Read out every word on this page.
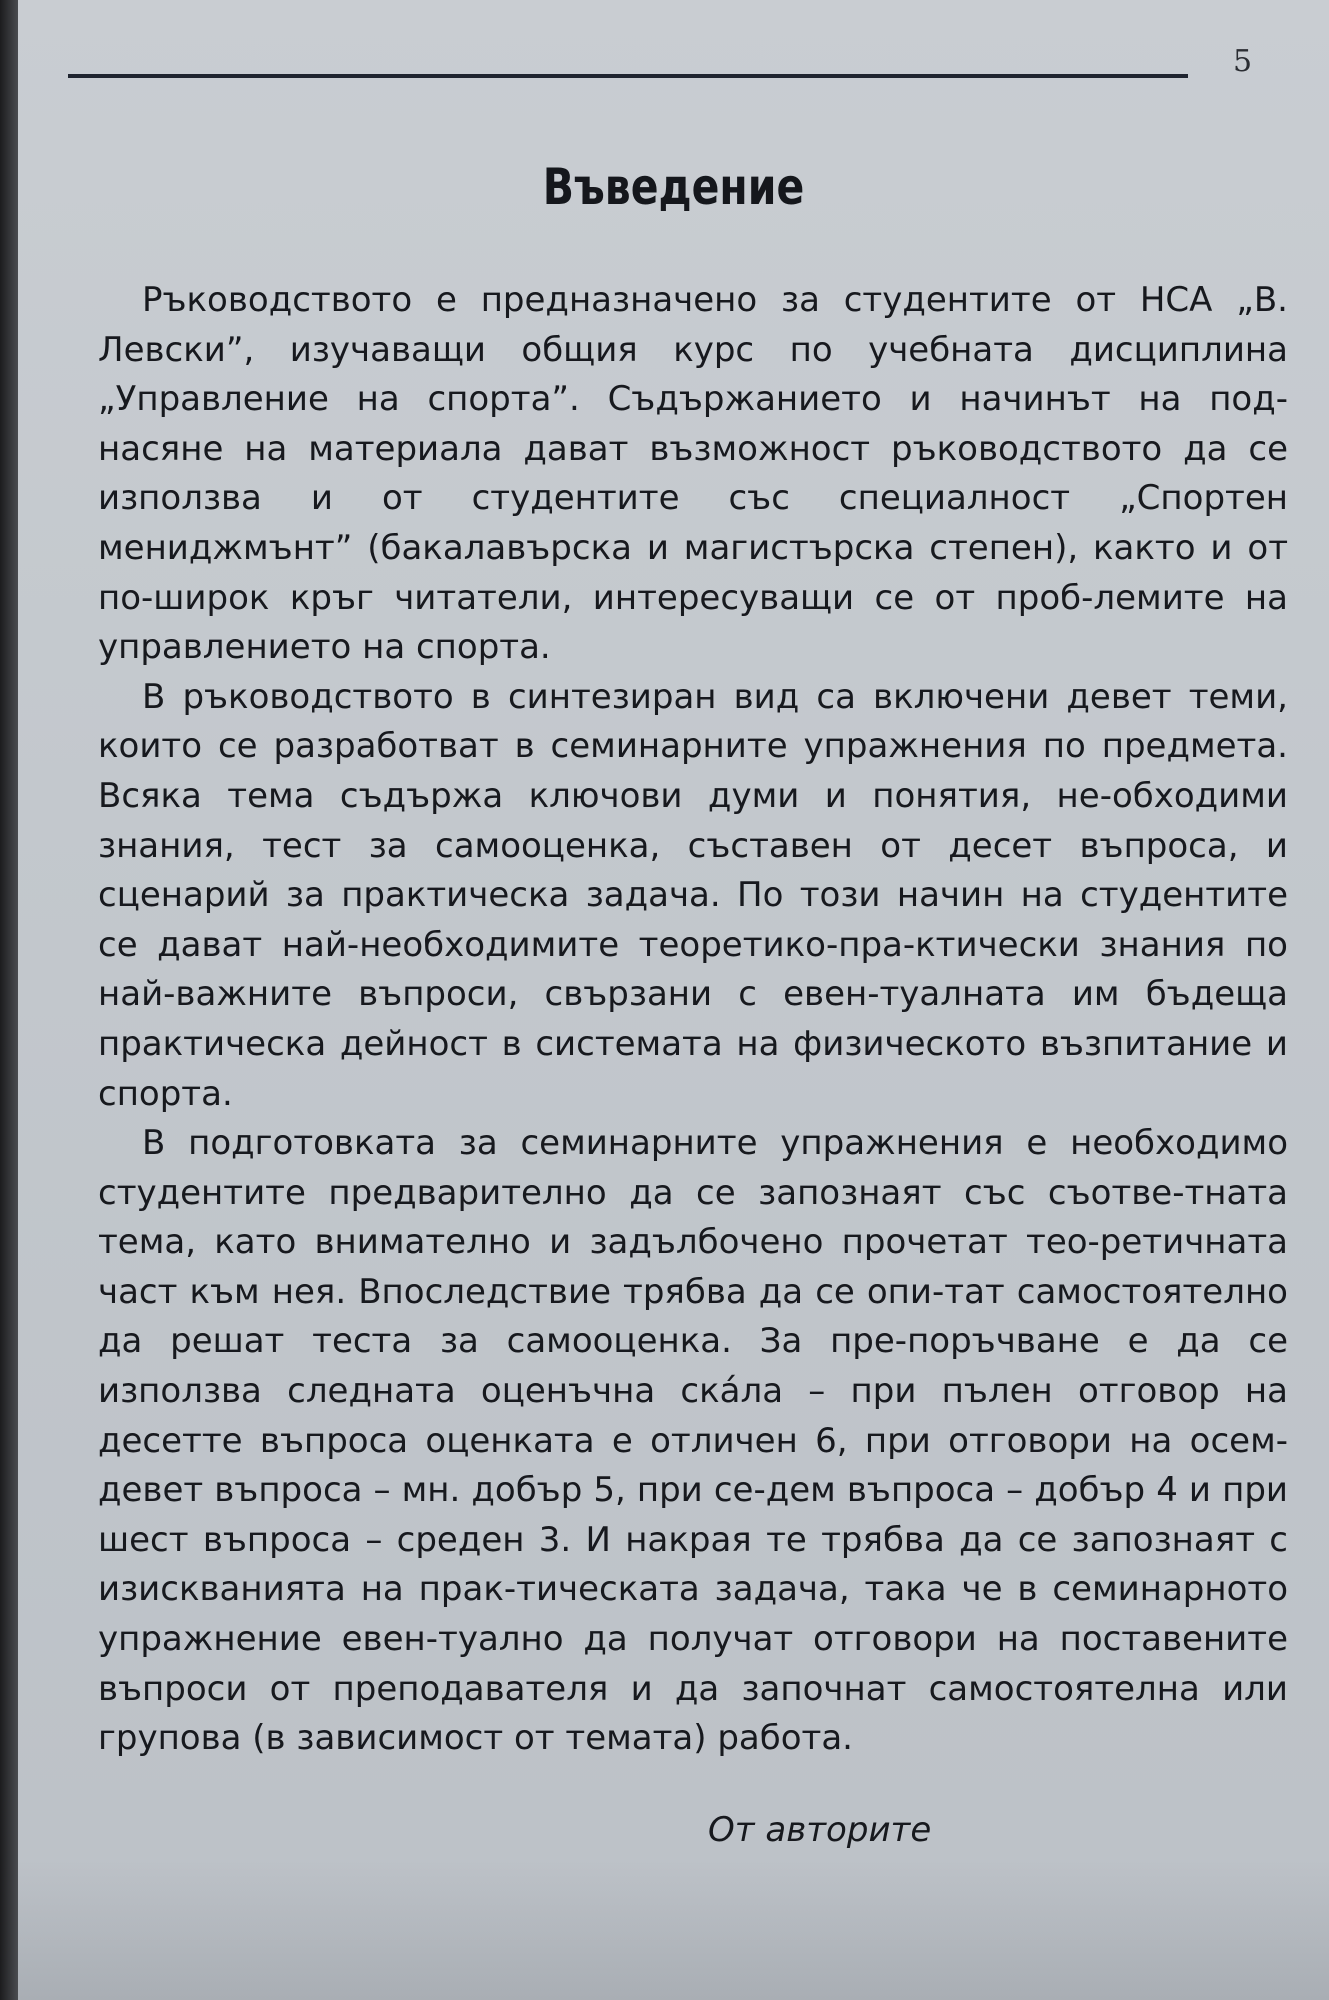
5
Въведение

Ръководството е предназначено за студентите от НСА „В. Левски”, изучаващи общия курс по учебната дисциплина „Управление на спорта”. Съдържанието и начинът на под-насяне на материала дават възможност ръководството да се използва и от студентите със специалност „Спортен мениджмънт” (бакалавърска и магистърска степен), както и от по-широк кръг читатели, интересуващи се от проб-лемите на управлението на спорта.

В ръководството в синтезиран вид са включени девет теми, които се разработват в семинарните упражнения по предмета. Всяка тема съдържа ключови думи и понятия, не-обходими знания, тест за самооценка, съставен от десет въпроса, и сценарий за практическа задача. По този начин на студентите се дават най-необходимите теоретико-пра-ктически знания по най-важните въпроси, свързани с евен-туалната им бъдеща практическа дейност в системата на физическото възпитание и спорта.

В подготовката за семинарните упражнения е необходимо студентите предварително да се запознаят със съотве-тната тема, като внимателно и задълбочено прочетат тео-ретичната част към нея. Впоследствие трябва да се опи-тат самостоятелно да решат теста за самооценка. За пре-поръчване е да се използва следната оценъчна ска́ла – при пълен отговор на десетте въпроса оценката е отличен 6, при отговори на осем-девет въпроса – мн. добър 5, при се-дем въпроса – добър 4 и при шест въпроса – среден 3. И накрая те трябва да се запознаят с изискванията на прак-тическата задача, така че в семинарното упражнение евен-туално да получат отговори на поставените въпроси от преподавателя и да започнат самостоятелна или групова (в зависимост от темата) работа.

От авторите
